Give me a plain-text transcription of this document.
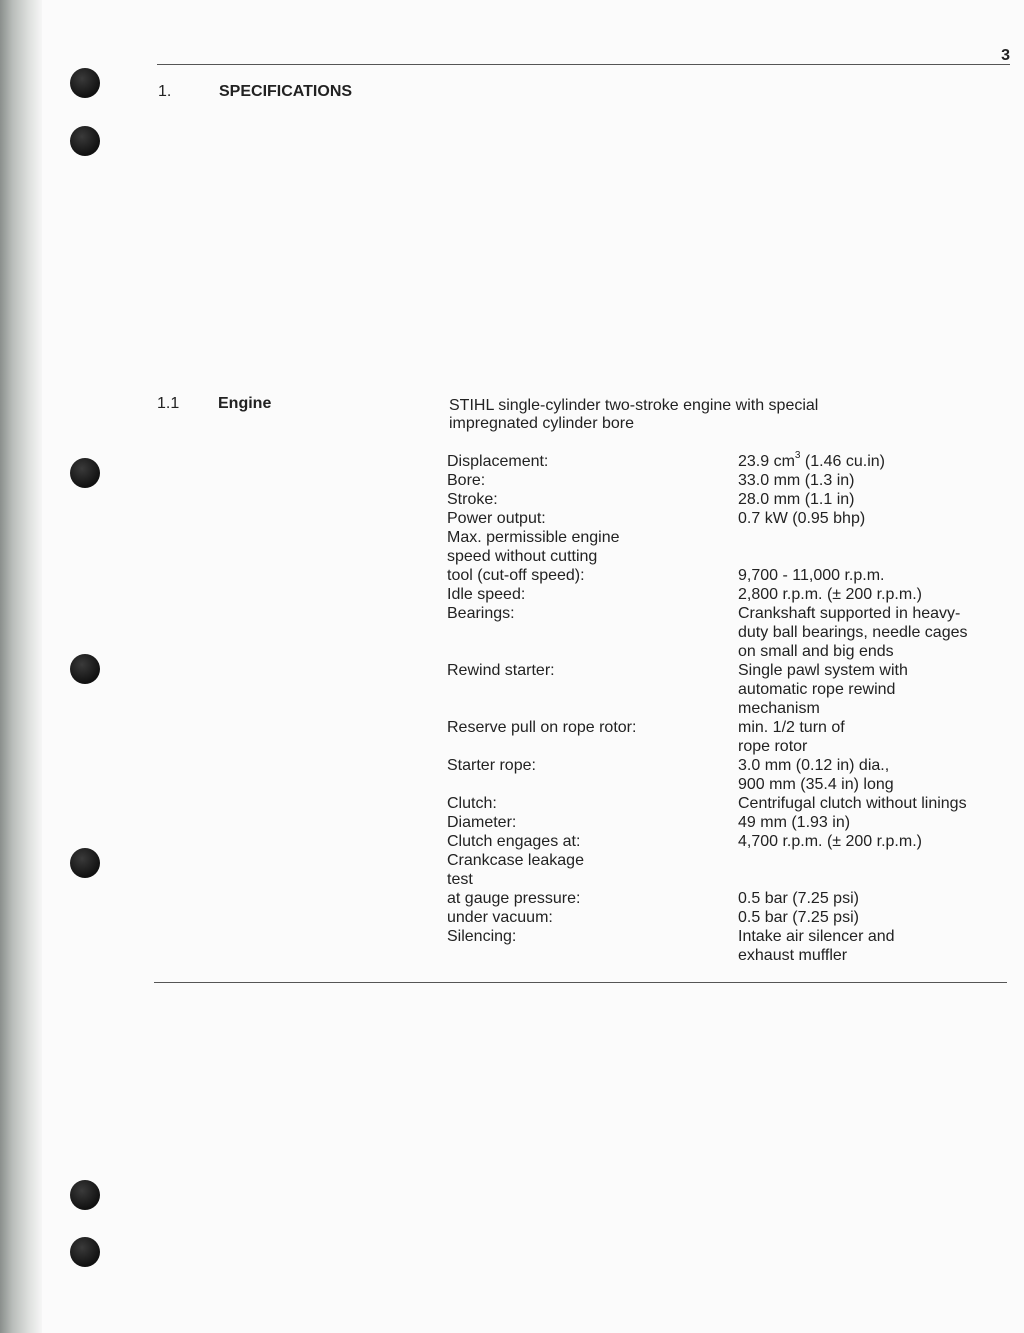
3
1.	SPECIFICATIONS
1.1 Engine	STIHL single-cylinder two-stroke engine with special
impregnated cylinder bore
Displacement:	23.9 $cm^3$ (1.46 cu.in)
Bore:	33.0 mm (1.3 in)
Stroke:	28.0 mm (1.1 in)
Power output:	0.7 kW (0.95 bhp)
Max. permissible engine
speed without cutting
tool (cut-off speed):

	9,700 - 11,000 r.p.m.
Idle speed:	2,800 r.p.m. (± 200 r.p.m.)
Bearings:	Crankshaft supported in heavy-
duty ball bearings, needle cages
on small and big ends
Rewind starter:	Single pawl system with
automatic rope rewind
mechanism
Reserve pull on rope rotor:	min. 1/2 turn of
rope rotor
Starter rope:	3.0 mm (0.12 in) dia.,
900 mm (35.4 in) long
Clutch:	Centrifugal clutch without linings
Diameter:	49 mm (1.93 in)
Clutch engages at:	4,700 r.p.m. (± 200 r.p.m.)
Crankcase leakage
test
at gauge pressure:	0.5 bar (7.25 psi)
under vacuum:	0.5 bar (7.25 psi)
Silencing:	Intake air silencer and
exhaust muffler
